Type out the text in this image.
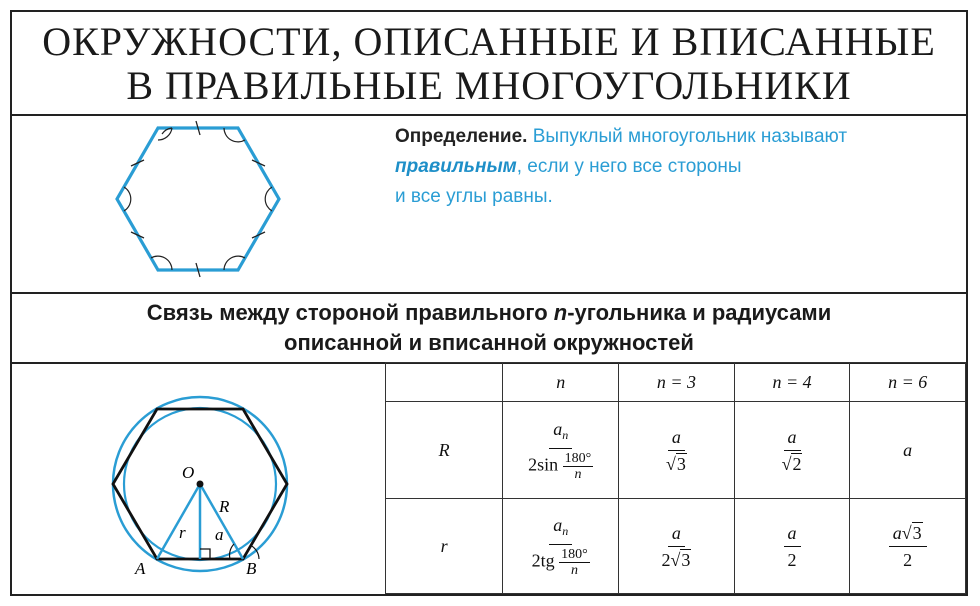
ОКРУЖНОСТИ, ОПИСАННЫЕ И ВПИСАННЫЕ
В ПРАВИЛЬНЫЕ МНОГОУГОЛЬНИКИ
Определение. Выпуклый многоугольник называют
правильным, если у него все стороны
и все углы равны.
Связь между стороной правильного n-угольника и радиусами
описанной и вписанной окружностей
O
R
r a
A	B
	n	n = 3	n = 4	n = 6
R	$\frac{a_n}{2\sin \frac{180^\circ}{n}}$	$\frac{a}{√ 3}$	$\frac{a}{√ 2}$	a
r	$\frac{a_n}{2tg \frac{180^\circ}{n}}$	$\frac{a}{2 √ 3}$	$\frac{a}{2}$	$\frac{a √ 3}{2}$
